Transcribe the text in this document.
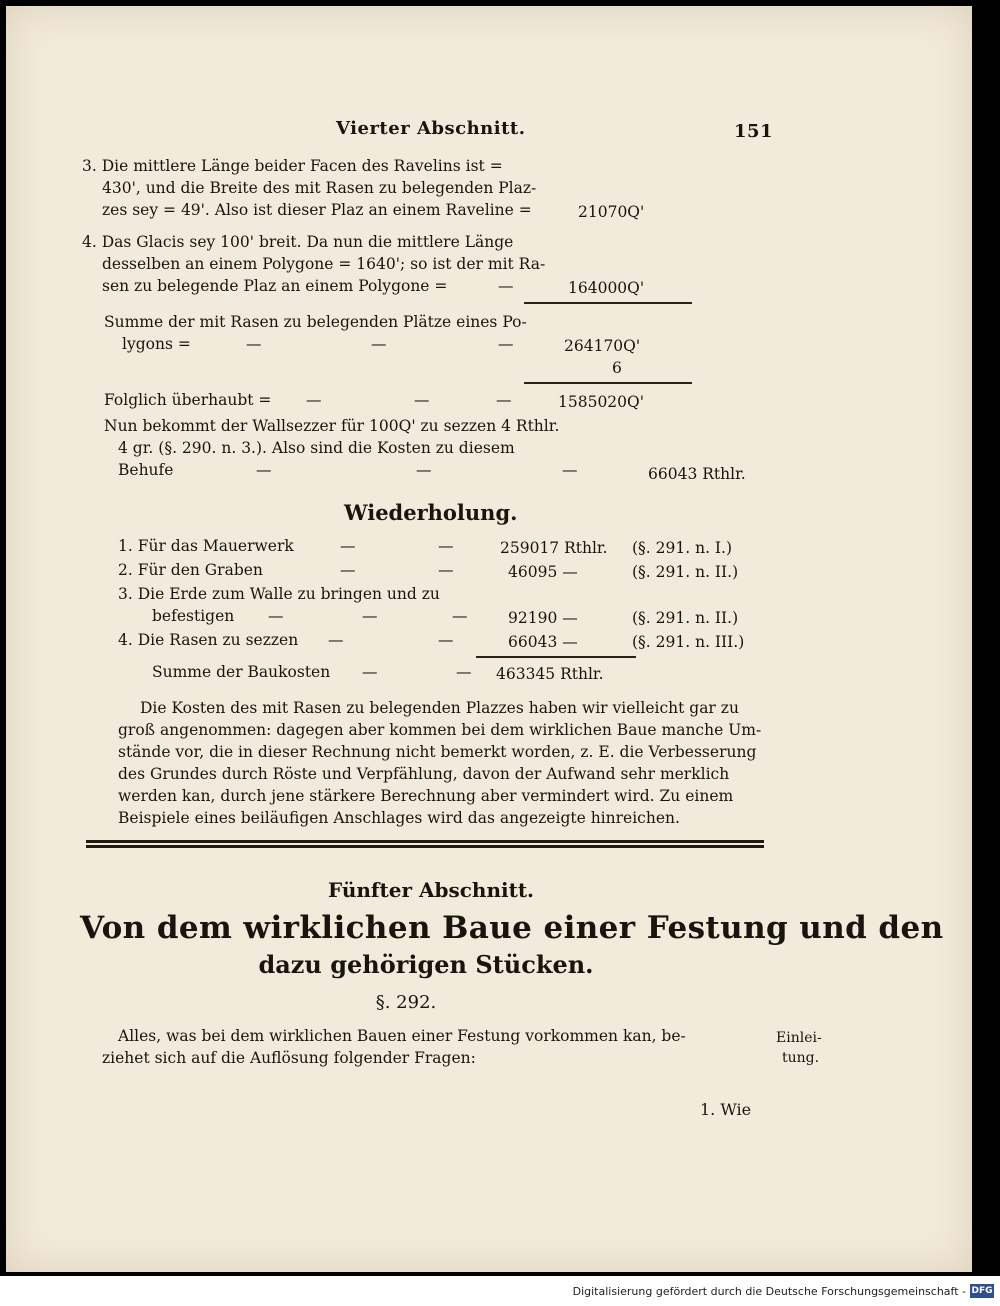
Vierter Abschnitt.	151
3. Die mittlere Länge beider Facen des Ravelins ist =
430', und die Breite des mit Rasen zu belegenden Plaz-
zes sey = 49'. Also ist dieser Plaz an einem Raveline =	21070Q'
4. Das Glacis sey 100' breit. Da nun die mittlere Länge
desselben an einem Polygone = 1640'; so ist der mit Ra-
sen zu belegende Plaz an einem Polygone =	—	164000Q'
Summe der mit Rasen zu belegenden Plätze eines Po-
lygons =	—	—	—	264170Q'
6
Folglich überhaubt = —	—	—	1585020Q'
Nun bekommt der Wallsezzer für 100Q' zu sezzen 4 Rthlr.
4 gr. (§. 290. n. 3.). Also sind die Kosten zu diesem
Behufe	—	—	—	66043 Rthlr.
Wiederholung.
1. Für das Mauerwerk	—	—	259017 Rthlr. (§. 291. n. I.)
2. Für den Graben	—	—	46095 —	(§. 291. n. II.)
3. Die Erde zum Walle zu bringen und zu
befestigen —	—	—	92190 —	(§. 291. n. II.)
4. Die Rasen zu sezzen —	—	66043 —	(§. 291. n. III.)
Summe der Baukosten —	— 463345 Rthlr.
Die Kosten des mit Rasen zu belegenden Plazzes haben wir vielleicht gar zu
groß angenommen: dagegen aber kommen bei dem wirklichen Baue manche Um-
stände vor, die in dieser Rechnung nicht bemerkt worden, z. E. die Verbesserung
des Grundes durch Röste und Verpfählung, davon der Aufwand sehr merklich
werden kan, durch jene stärkere Berechnung aber vermindert wird. Zu einem
Beispiele eines beiläufigen Anschlages wird das angezeigte hinreichen.
Fünfter Abschnitt.
Von dem wirklichen Baue einer Festung und den
dazu gehörigen Stücken.
§. 292.
Alles, was bei dem wirklichen Bauen einer Festung vorkommen kan, be-
ziehet sich auf die Auflösung folgender Fragen:
Einlei-
tung.
1. Wie
Digitalisierung gefördert durch die Deutsche Forschungsgemeinschaft - DFG
